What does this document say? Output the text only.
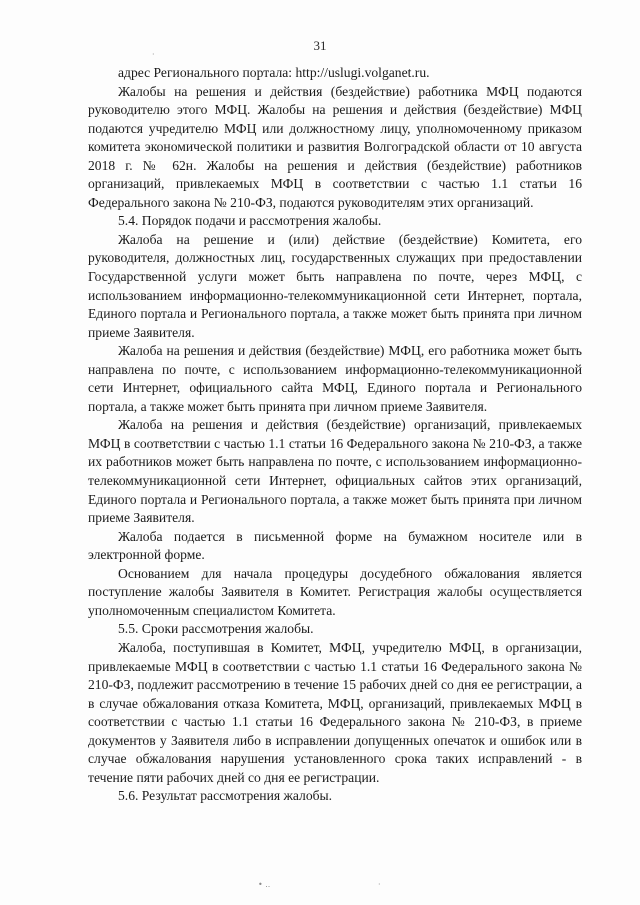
31
·

адрес Регионального портала: http://uslugi.volganet.ru.

Жалобы на решения и действия (бездействие) работника МФЦ подаются руководителю этого МФЦ. Жалобы на решения и действия (бездействие) МФЦ подаются учредителю МФЦ или должностному лицу, уполномоченному приказом комитета экономической политики и развития Волгоградской области от 10 августа 2018 г. № 62н. Жалобы на решения и действия (бездействие) работников организаций, привлекаемых МФЦ в соответствии с частью 1.1 статьи 16 Федерального закона № 210-ФЗ, подаются руководителям этих организаций.

5.4. Порядок подачи и рассмотрения жалобы.

Жалоба на решение и (или) действие (бездействие) Комитета, его руководителя, должностных лиц, государственных служащих при предоставлении Государственной услуги может быть направлена по почте, через МФЦ, с использованием информационно-телекоммуникационной сети Интернет, портала, Единого портала и Регионального портала, а также может быть принята при личном приеме Заявителя.

Жалоба на решения и действия (бездействие) МФЦ, его работника может быть направлена по почте, с использованием информационно-телекоммуникационной сети Интернет, официального сайта МФЦ, Единого портала и Регионального портала, а также может быть принята при личном приеме Заявителя.

Жалоба на решения и действия (бездействие) организаций, привлекаемых МФЦ в соответствии с частью 1.1 статьи 16 Федерального закона № 210-ФЗ, а также их работников может быть направлена по почте, с использованием информационно-телекоммуникационной сети Интернет, официальных сайтов этих организаций, Единого портала и Регионального портала, а также может быть принята при личном приеме Заявителя.

Жалоба подается в письменной форме на бумажном носителе или в электронной форме.

Основанием для начала процедуры досудебного обжалования является поступление жалобы Заявителя в Комитет. Регистрация жалобы осуществляется уполномоченным специалистом Комитета.

5.5. Сроки рассмотрения жалобы.

Жалоба, поступившая в Комитет, МФЦ, учредителю МФЦ, в организации, привлекаемые МФЦ в соответствии с частью 1.1 статьи 16 Федерального закона № 210-ФЗ, подлежит рассмотрению в течение 15 рабочих дней со дня ее регистрации, а в случае обжалования отказа Комитета, МФЦ, организаций, привлекаемых МФЦ в соответствии с частью 1.1 статьи 16 Федерального закона № 210-ФЗ, в приеме документов у Заявителя либо в исправлении допущенных опечаток и ошибок или в случае обжалования нарушения установленного срока таких исправлений - в течение пяти рабочих дней со дня ее регистрации.

5.6. Результат рассмотрения жалобы.

• ..	·
